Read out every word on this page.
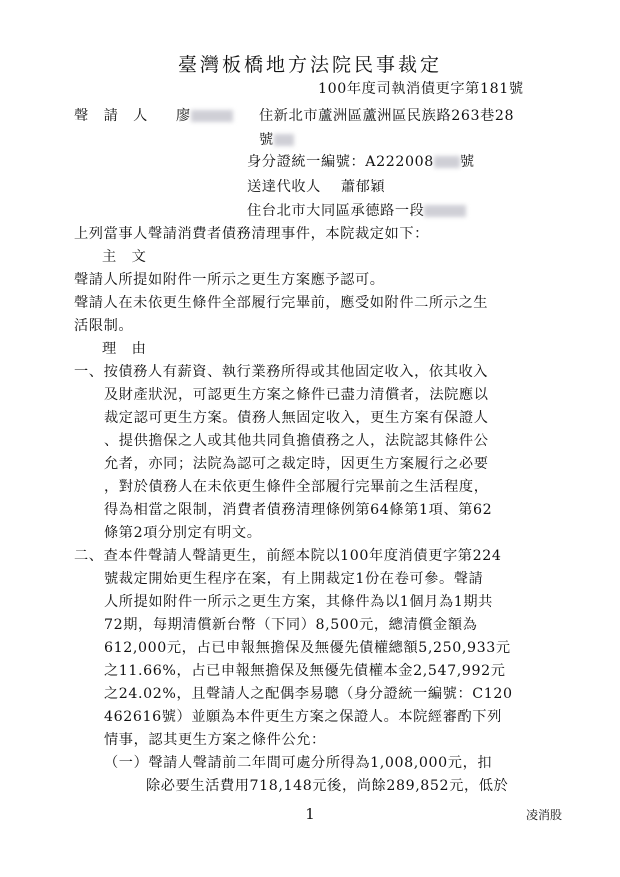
臺灣板橋地方法院民事裁定
100年度司執消債更字第181號
聲　請　人 廖	住新北市蘆洲區蘆洲區民族路263巷28
號
身分證統一編號：A222008 號
送達代收人　 蕭郁穎
住台北市大同區承德路一段
上列當事人聲請消費者債務清理事件，本院裁定如下：
主　文
聲請人所提如附件一所示之更生方案應予認可。
聲請人在未依更生條件全部履行完畢前，應受如附件二所示之生
活限制。
理　由
一、按債務人有薪資、執行業務所得或其他固定收入，依其收入
及財產狀況，可認更生方案之條件已盡力清償者，法院應以
裁定認可更生方案。債務人無固定收入，更生方案有保證人
、提供擔保之人或其他共同負擔債務之人，法院認其條件公
允者，亦同；法院為認可之裁定時，因更生方案履行之必要
，對於債務人在未依更生條件全部履行完畢前之生活程度，
得為相當之限制，消費者債務清理條例第64條第1項、第62
條第2項分別定有明文。
二、查本件聲請人聲請更生，前經本院以100年度消債更字第224
號裁定開始更生程序在案，有上開裁定1份在卷可參。聲請
人所提如附件一所示之更生方案，其條件為以1個月為1期共
72期，每期清償新台幣（下同）8,500元，總清償金額為
612,000元，占已申報無擔保及無優先債權總額5,250,933元
之11.66%，占已申報無擔保及無優先債權本金2,547,992元
之24.02%，且聲請人之配偶李易聰（身分證統一編號：C120
462616號）並願為本件更生方案之保證人。本院經審酌下列
情事，認其更生方案之條件公允：
（一）聲請人聲請前二年間可處分所得為1,008,000元，扣
除必要生活費用718,148元後，尚餘289,852元，低於
1	凌消股
